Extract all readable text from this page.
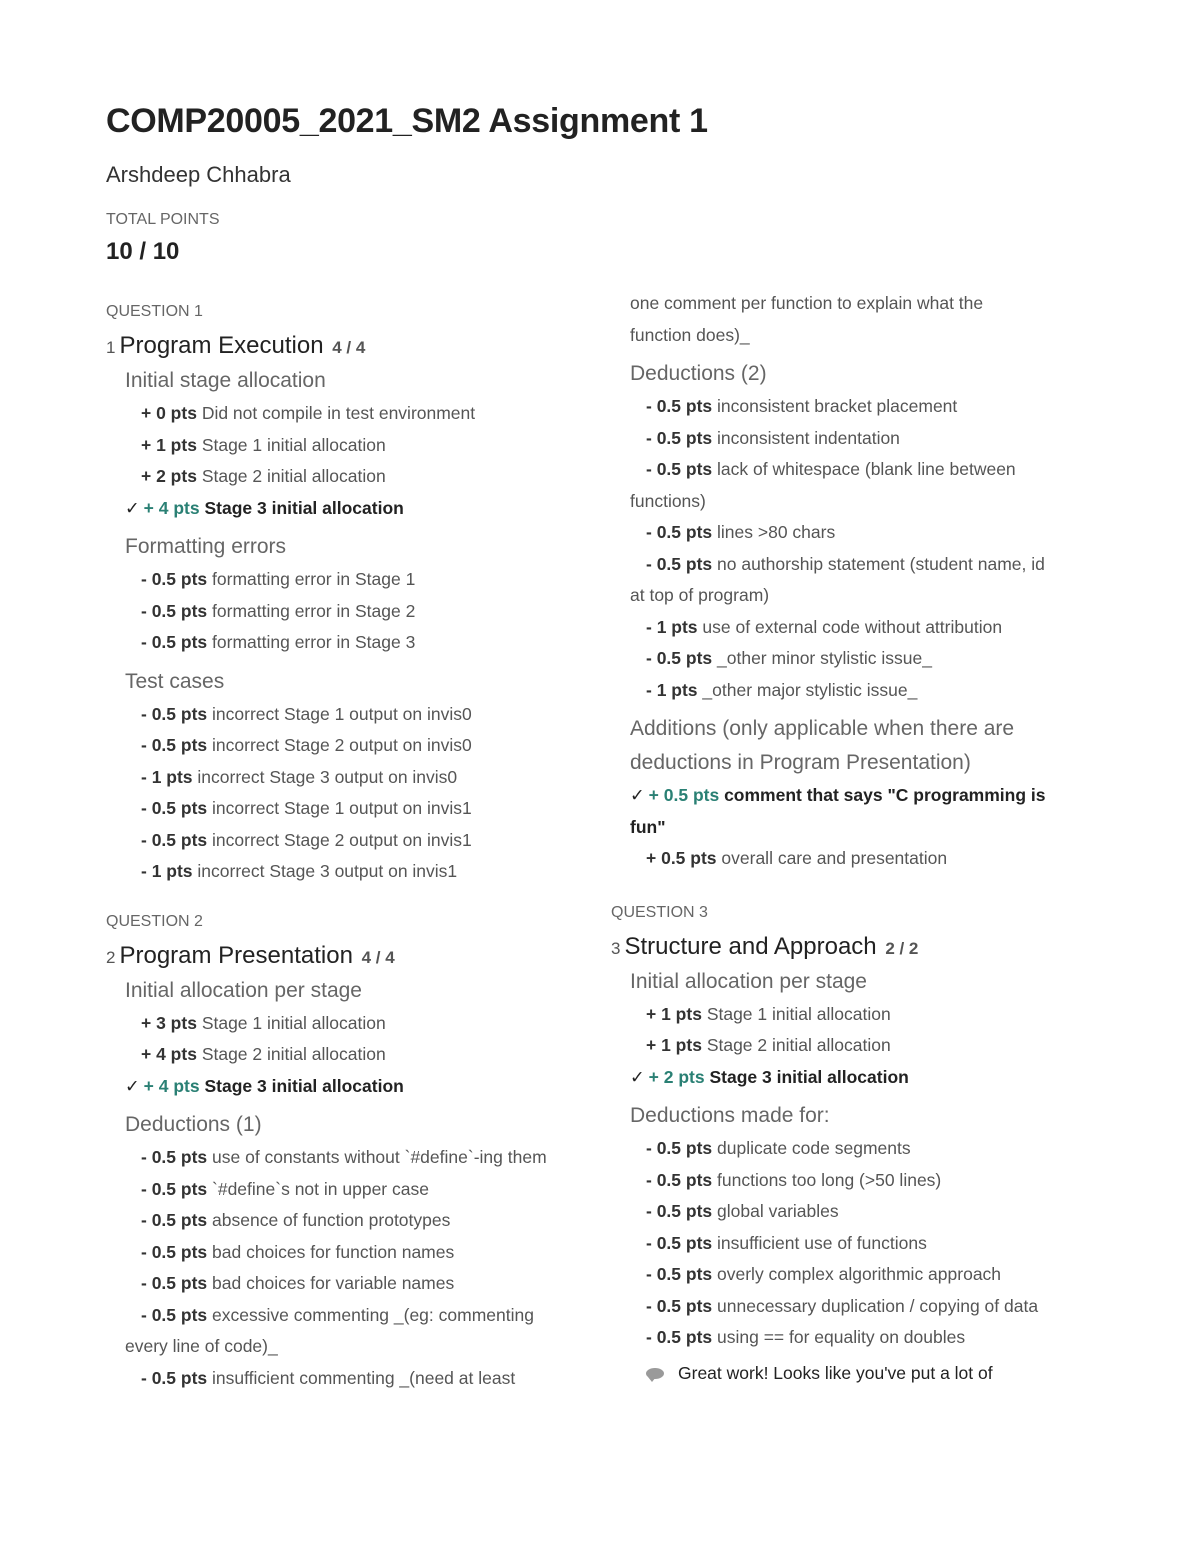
COMP20005_2021_SM2 Assignment 1
Arshdeep Chhabra
TOTAL POINTS
10 / 10
QUESTION 1
1 Program Execution 4 / 4
Initial stage allocation
+ 0 pts Did not compile in test environment
+ 1 pts Stage 1 initial allocation
+ 2 pts Stage 2 initial allocation
✓ + 4 pts Stage 3 initial allocation
Formatting errors
- 0.5 pts formatting error in Stage 1
- 0.5 pts formatting error in Stage 2
- 0.5 pts formatting error in Stage 3
Test cases
- 0.5 pts incorrect Stage 1 output on invis0
- 0.5 pts incorrect Stage 2 output on invis0
- 1 pts incorrect Stage 3 output on invis0
- 0.5 pts incorrect Stage 1 output on invis1
- 0.5 pts incorrect Stage 2 output on invis1
- 1 pts incorrect Stage 3 output on invis1
QUESTION 2
2 Program Presentation 4 / 4
Initial allocation per stage
+ 3 pts Stage 1 initial allocation
+ 4 pts Stage 2 initial allocation
✓ + 4 pts Stage 3 initial allocation
Deductions (1)
- 0.5 pts use of constants without `#define`-ing them
- 0.5 pts `#define`s not in upper case
- 0.5 pts absence of function prototypes
- 0.5 pts bad choices for function names
- 0.5 pts bad choices for variable names
- 0.5 pts excessive commenting _(eg: commenting
every line of code)_
- 0.5 pts insufficient commenting _(need at least
one comment per function to explain what the
function does)_
Deductions (2)
- 0.5 pts inconsistent bracket placement
- 0.5 pts inconsistent indentation
- 0.5 pts lack of whitespace (blank line between
functions)
- 0.5 pts lines >80 chars
- 0.5 pts no authorship statement (student name, id
at top of program)
- 1 pts use of external code without attribution
- 0.5 pts _other minor stylistic issue_
- 1 pts _other major stylistic issue_
Additions (only applicable when there are
deductions in Program Presentation)
✓ + 0.5 pts comment that says "C programming is
fun"
+ 0.5 pts overall care and presentation
QUESTION 3
3 Structure and Approach 2 / 2
Initial allocation per stage
+ 1 pts Stage 1 initial allocation
+ 1 pts Stage 2 initial allocation
✓ + 2 pts Stage 3 initial allocation
Deductions made for:
- 0.5 pts duplicate code segments
- 0.5 pts functions too long (>50 lines)
- 0.5 pts global variables
- 0.5 pts insufficient use of functions
- 0.5 pts overly complex algorithmic approach
- 0.5 pts unnecessary duplication / copying of data
- 0.5 pts using == for equality on doubles
Great work! Looks like you've put a lot of
